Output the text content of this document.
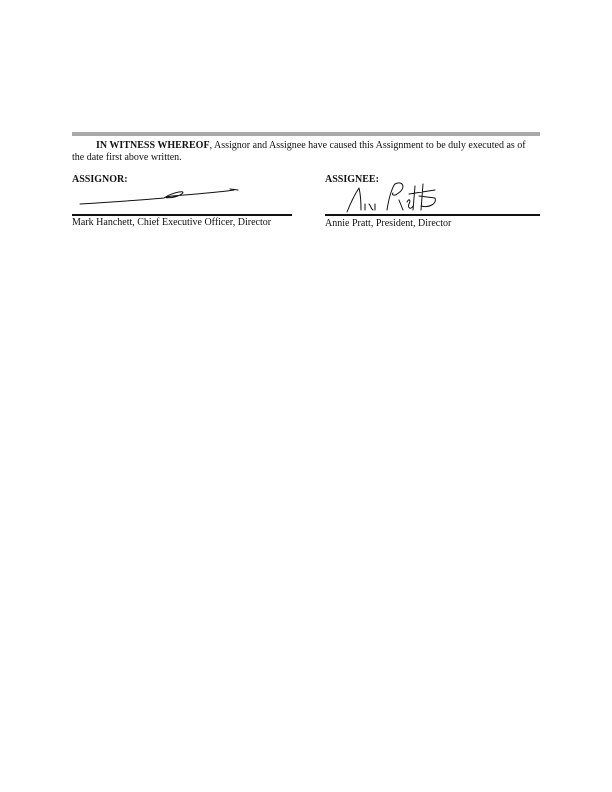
IN WITNESS WHEREOF, Assignor and Assignee have caused this Assignment to be duly executed as of the date first above written.

ASSIGNOR:
Mark Hanchett, Chief Executive Officer, Director
ASSIGNEE:
Annie Pratt, President, Director
